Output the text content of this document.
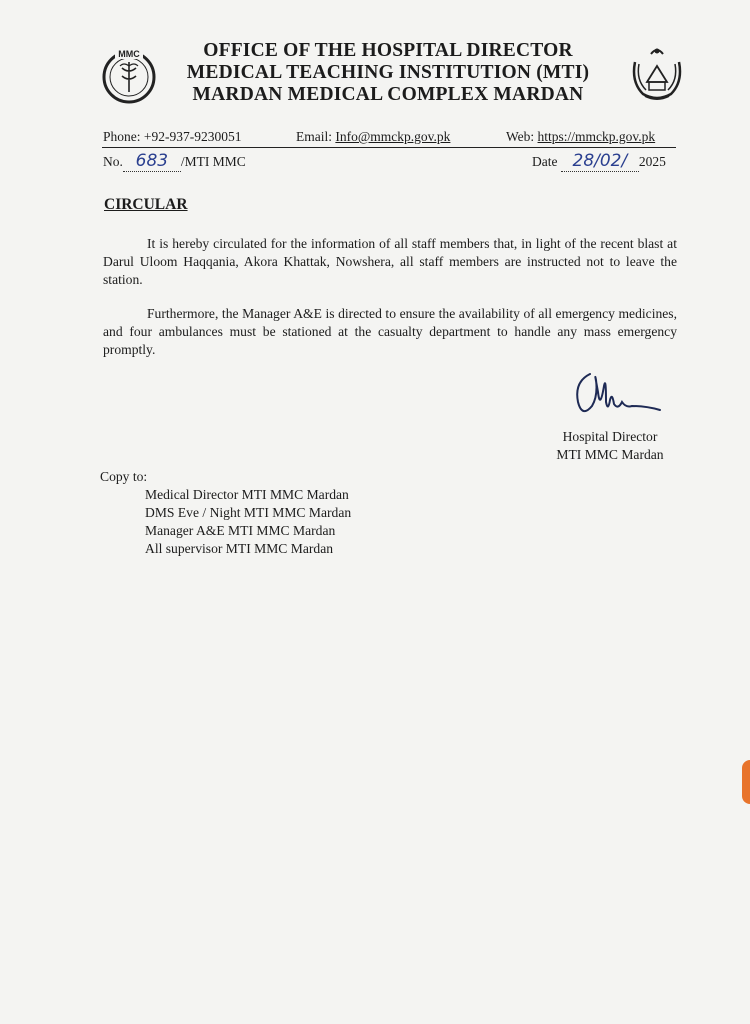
MMC	OFFICE OF THE HOSPITAL DIRECTOR
MEDICAL TEACHING INSTITUTION (MTI)
MARDAN MEDICAL COMPLEX MARDAN
Phone: +92-937-9230051	Email: Info@mmckp.gov.pk	Web: https://mmckp.gov.pk
No. 683 /MTI MMC	Date 28/02/ 2025
CIRCULAR
It is hereby circulated for the information of all staff members that, in light of the recent blast at Darul Uloom Haqqania, Akora Khattak, Nowshera, all staff members are instructed not to leave the station.
Furthermore, the Manager A&E is directed to ensure the availability of all emergency medicines, and four ambulances must be stationed at the casualty department to handle any mass emergency promptly.
Hospital Director
MTI MMC Mardan
Copy to:
Medical Director MTI MMC Mardan
DMS Eve / Night MTI MMC Mardan
Manager A&E MTI MMC Mardan
All supervisor MTI MMC Mardan
